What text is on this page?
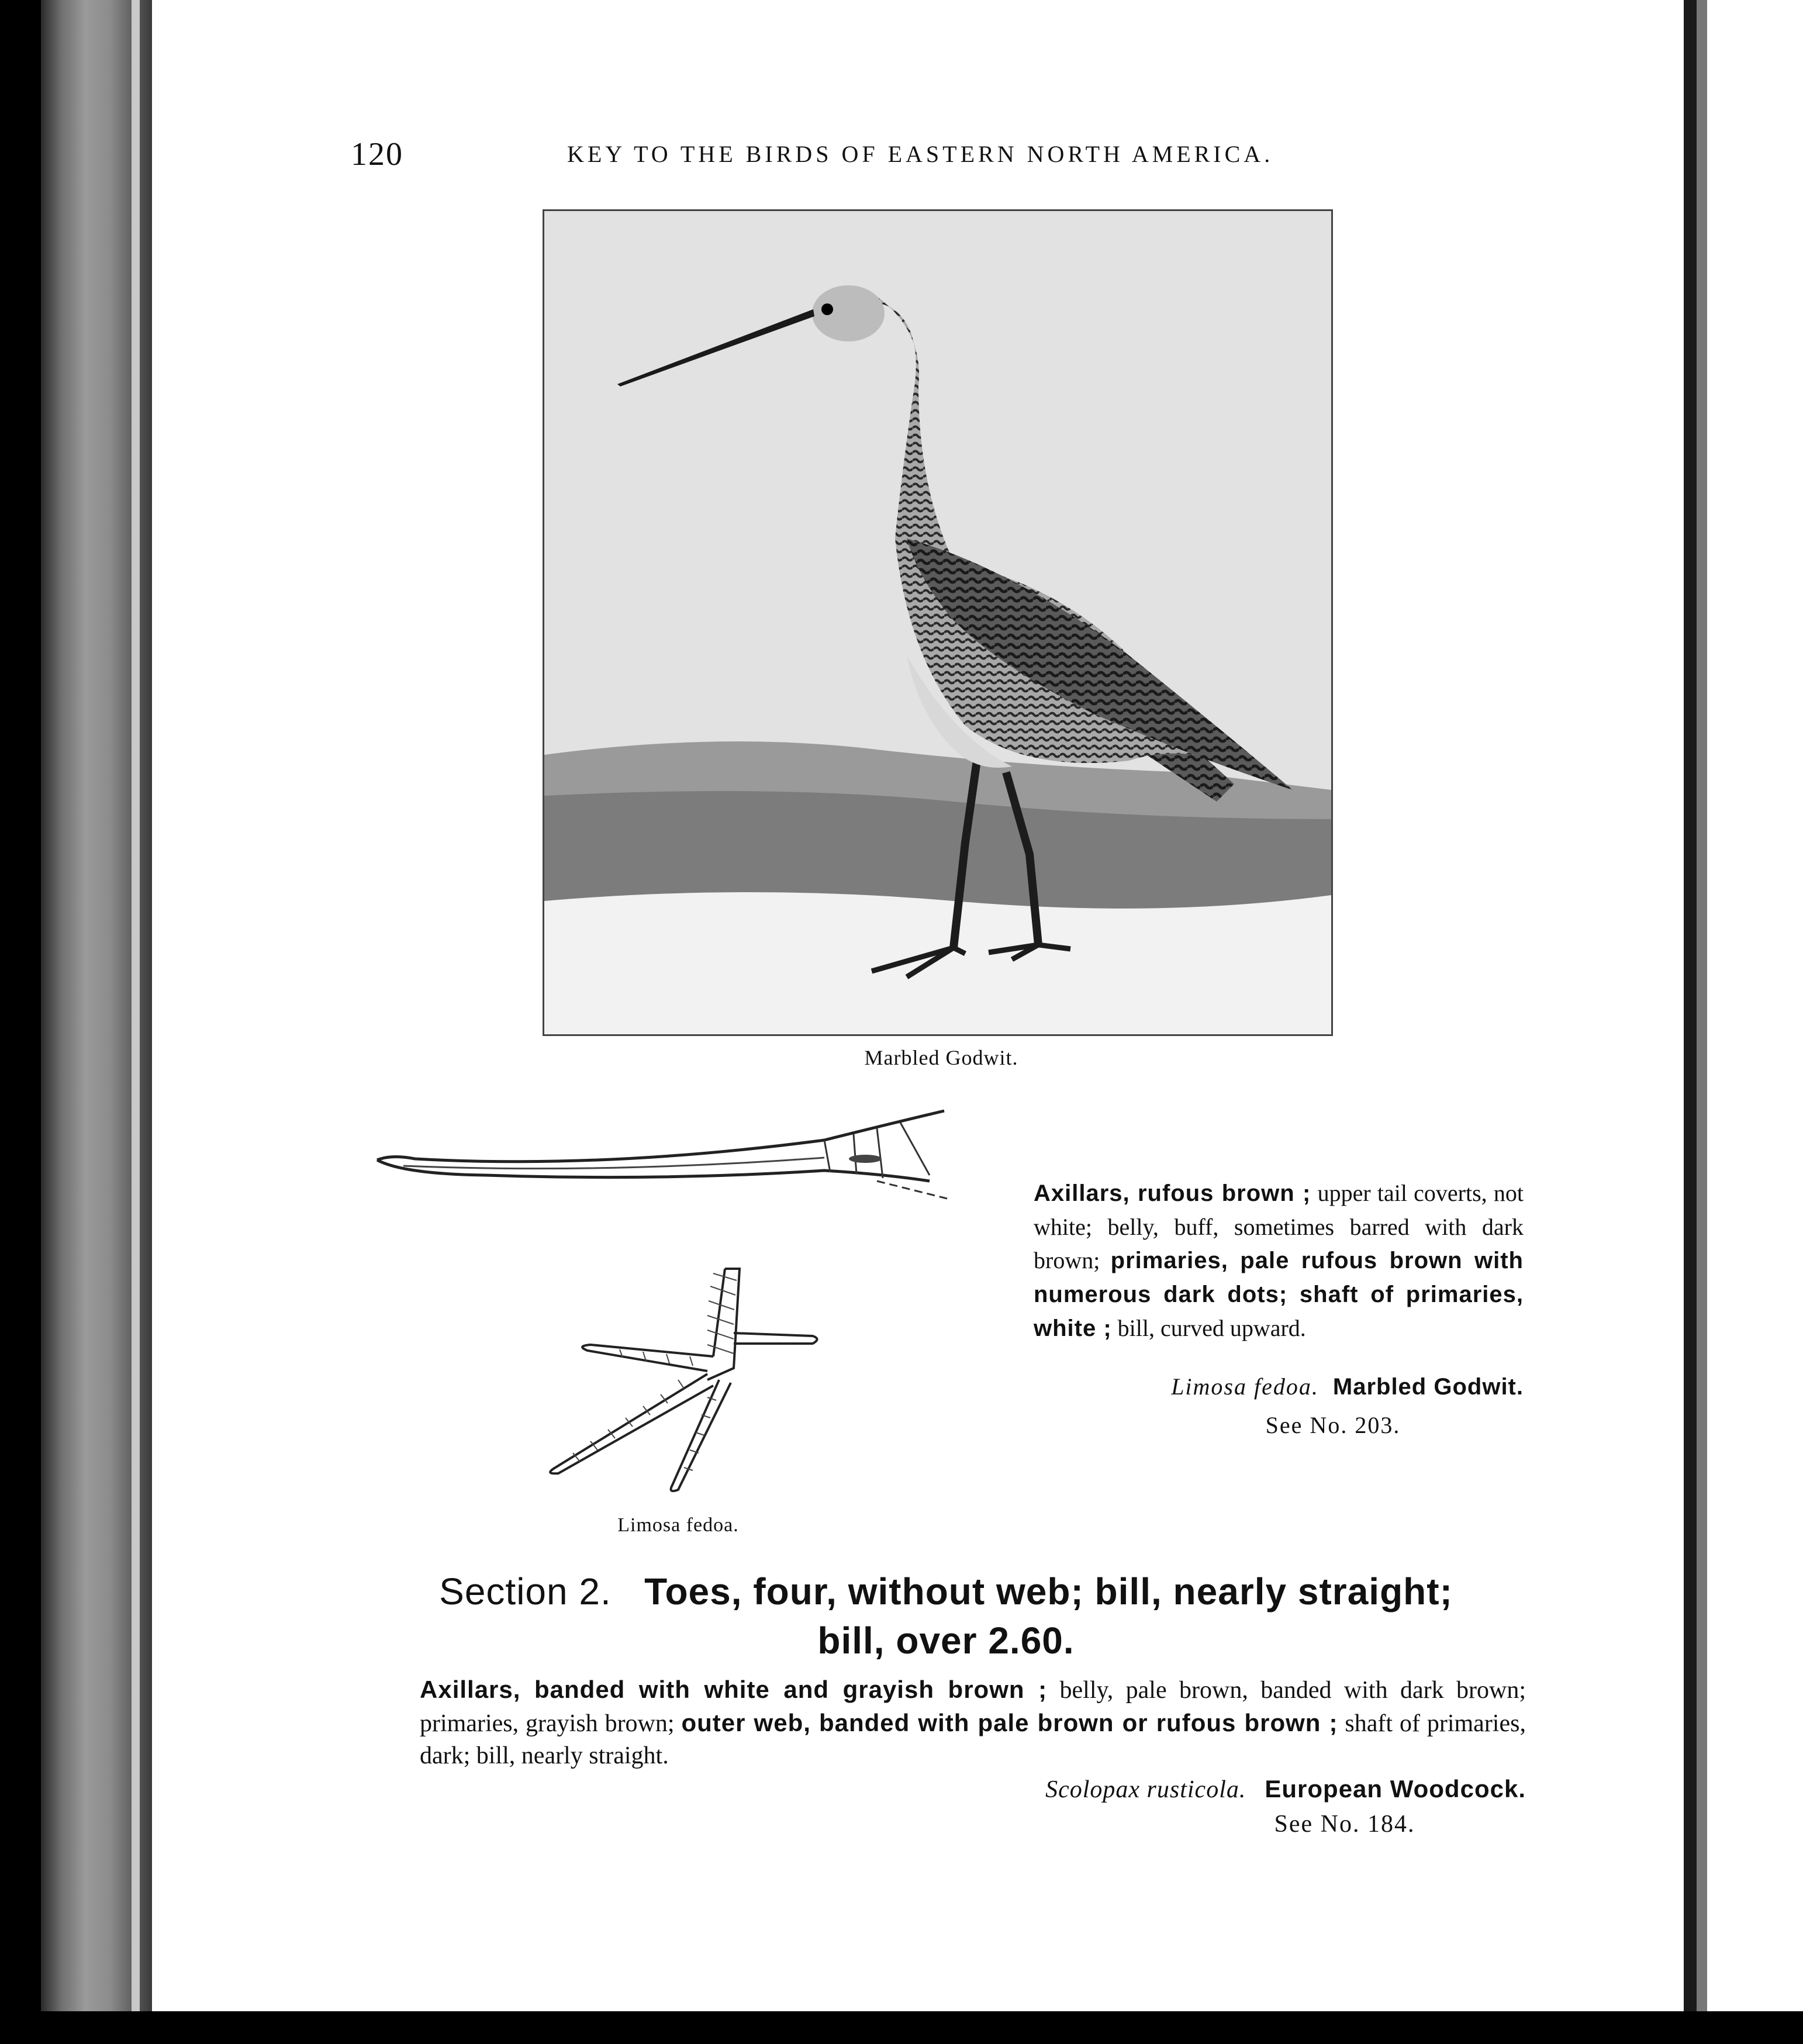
120	KEY TO THE BIRDS OF EASTERN NORTH AMERICA.
Marbled Godwit.
Limosa fedoa.

Axillars, rufous brown ; upper tail coverts, not white; belly, buff, sometimes barred with dark brown; primaries, pale rufous brown with numerous dark dots; shaft of primaries, white ; bill, curved upward.

Limosa fedoa. Marbled Godwit.
See No. 203.
Section 2. Toes, four, without web; bill, nearly straight;
bill, over 2.60.

Axillars, banded with white and grayish brown ; belly, pale brown, banded with dark brown; primaries, grayish brown; outer web, banded with pale brown or rufous brown ; shaft of primaries, dark; bill, nearly straight.

Scolopax rusticola. European Woodcock.
See No. 184.
